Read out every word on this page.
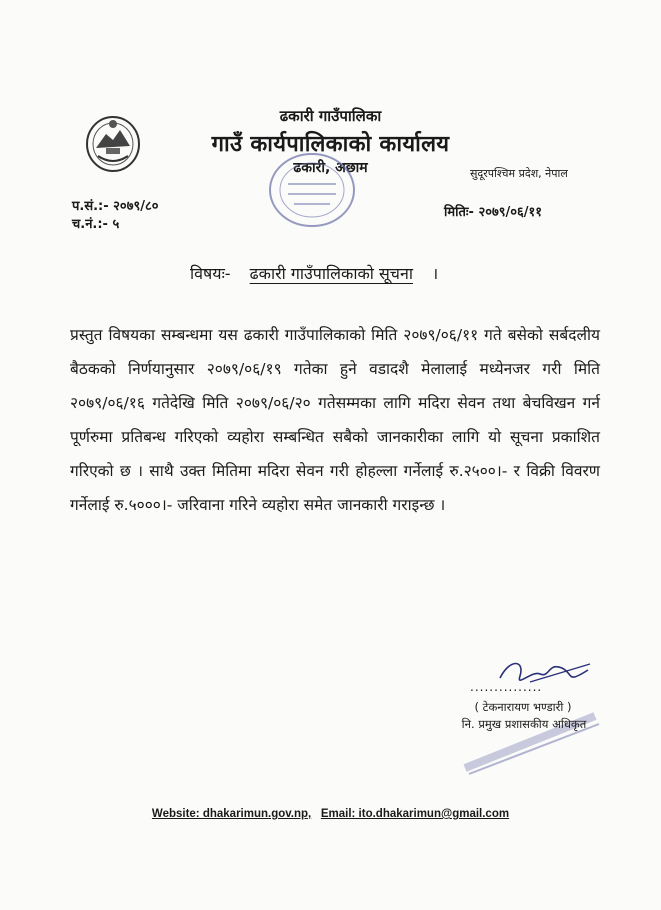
ढकारी गाउँपालिका
गाउँ कार्यपालिकाको कार्यालय
ढकारी, अछाम	सुदूरपश्चिम प्रदेश, नेपाल
प.सं.:- २०७९/८०
च.नं.:- ५
मितिः- २०७९/०६/११
विषयः- ढकारी गाउँपालिकाको सूचना ।
प्रस्तुत विषयका सम्बन्धमा यस ढकारी गाउँपालिकाको मिति २०७९/०६/११ गते बसेको सर्बदलीय बैठकको निर्णयानुसार २०७९/०६/१९ गतेका हुने वडादशै मेलालाई मध्येनजर गरी मिति २०७९/०६/१६ गतेदेखि मिति २०७९/०६/२० गतेसम्मका लागि मदिरा सेवन तथा बेचविखन गर्न पूर्णरुमा प्रतिबन्ध गरिएको व्यहोरा सम्बन्धित सबैको जानकारीका लागि यो सूचना प्रकाशित गरिएको छ । साथै उक्त मितिमा मदिरा सेवन गरी होहल्ला गर्नेलाई रु.२५००।- र विक्री विवरण गर्नेलाई रु.५०००।- जरिवाना गरिने व्यहोरा समेत जानकारी गराइन्छ ।
...............
( टेकनारायण भण्डारी )
नि. प्रमुख प्रशासकीय अधिकृत
Website: dhakarimun.gov.np, Email: ito.dhakarimun@gmail.com
